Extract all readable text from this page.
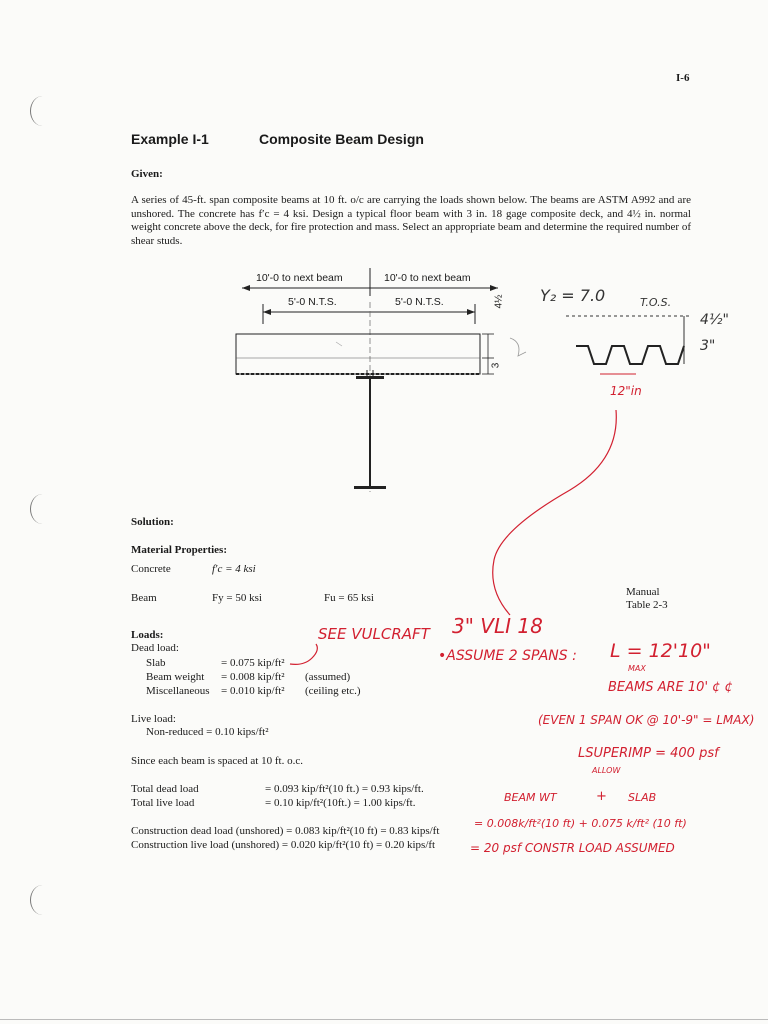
I-6
Example I-1	Composite Beam Design
Given:
A series of 45-ft. span composite beams at 10 ft. o/c are carrying the loads shown below. The beams are ASTM A992 and are unshored. The concrete has f′c = 4 ksi. Design a typical floor beam with 3 in. 18 gage composite deck, and 4½ in. normal weight concrete above the deck, for fire protection and mass. Select an appropriate beam and determine the required number of shear studs.
10'-0 to next beam	10'-0 to next beam
5'-0 N.T.S.	5'-0 N.T.S.	4½
3
Y₂ = 7.0	T.O.S.
4½"
3"
12"in
Solution:
Material Properties:
Concrete	f′c = 4 ksi
Beam	Fy = 50 ksi	Fu = 65 ksi	Manual
Table 2-3
Loads:
Dead load:
Slab	= 0.075 kip/ft²
Beam weight = 0.008 kip/ft² (assumed)
Miscellaneous = 0.010 kip/ft² (ceiling etc.)
Live load:
Non-reduced = 0.10 kips/ft²
Since each beam is spaced at 10 ft. o.c.
Total dead load	= 0.093 kip/ft²(10 ft.) = 0.93 kips/ft.
Total live load	= 0.10 kip/ft²(10ft.) = 1.00 kips/ft.
Construction dead load (unshored) = 0.083 kip/ft²(10 ft) = 0.83 kips/ft
Construction live load (unshored) = 0.020 kip/ft²(10 ft) = 0.20 kips/ft
SEE VULCRAFT 3" VLI 18
•ASSUME 2 SPANS : L = 12'10"
MAX
BEAMS ARE 10' ¢ ¢
(EVEN 1 SPAN OK @ 10'-9" = LMAX)
LSUPERIMP = 400 psf
ALLOW
BEAM WT	+ SLAB
= 0.008k/ft²(10 ft) + 0.075 k/ft² (10 ft)
= 20 psf CONSTR LOAD ASSUMED
